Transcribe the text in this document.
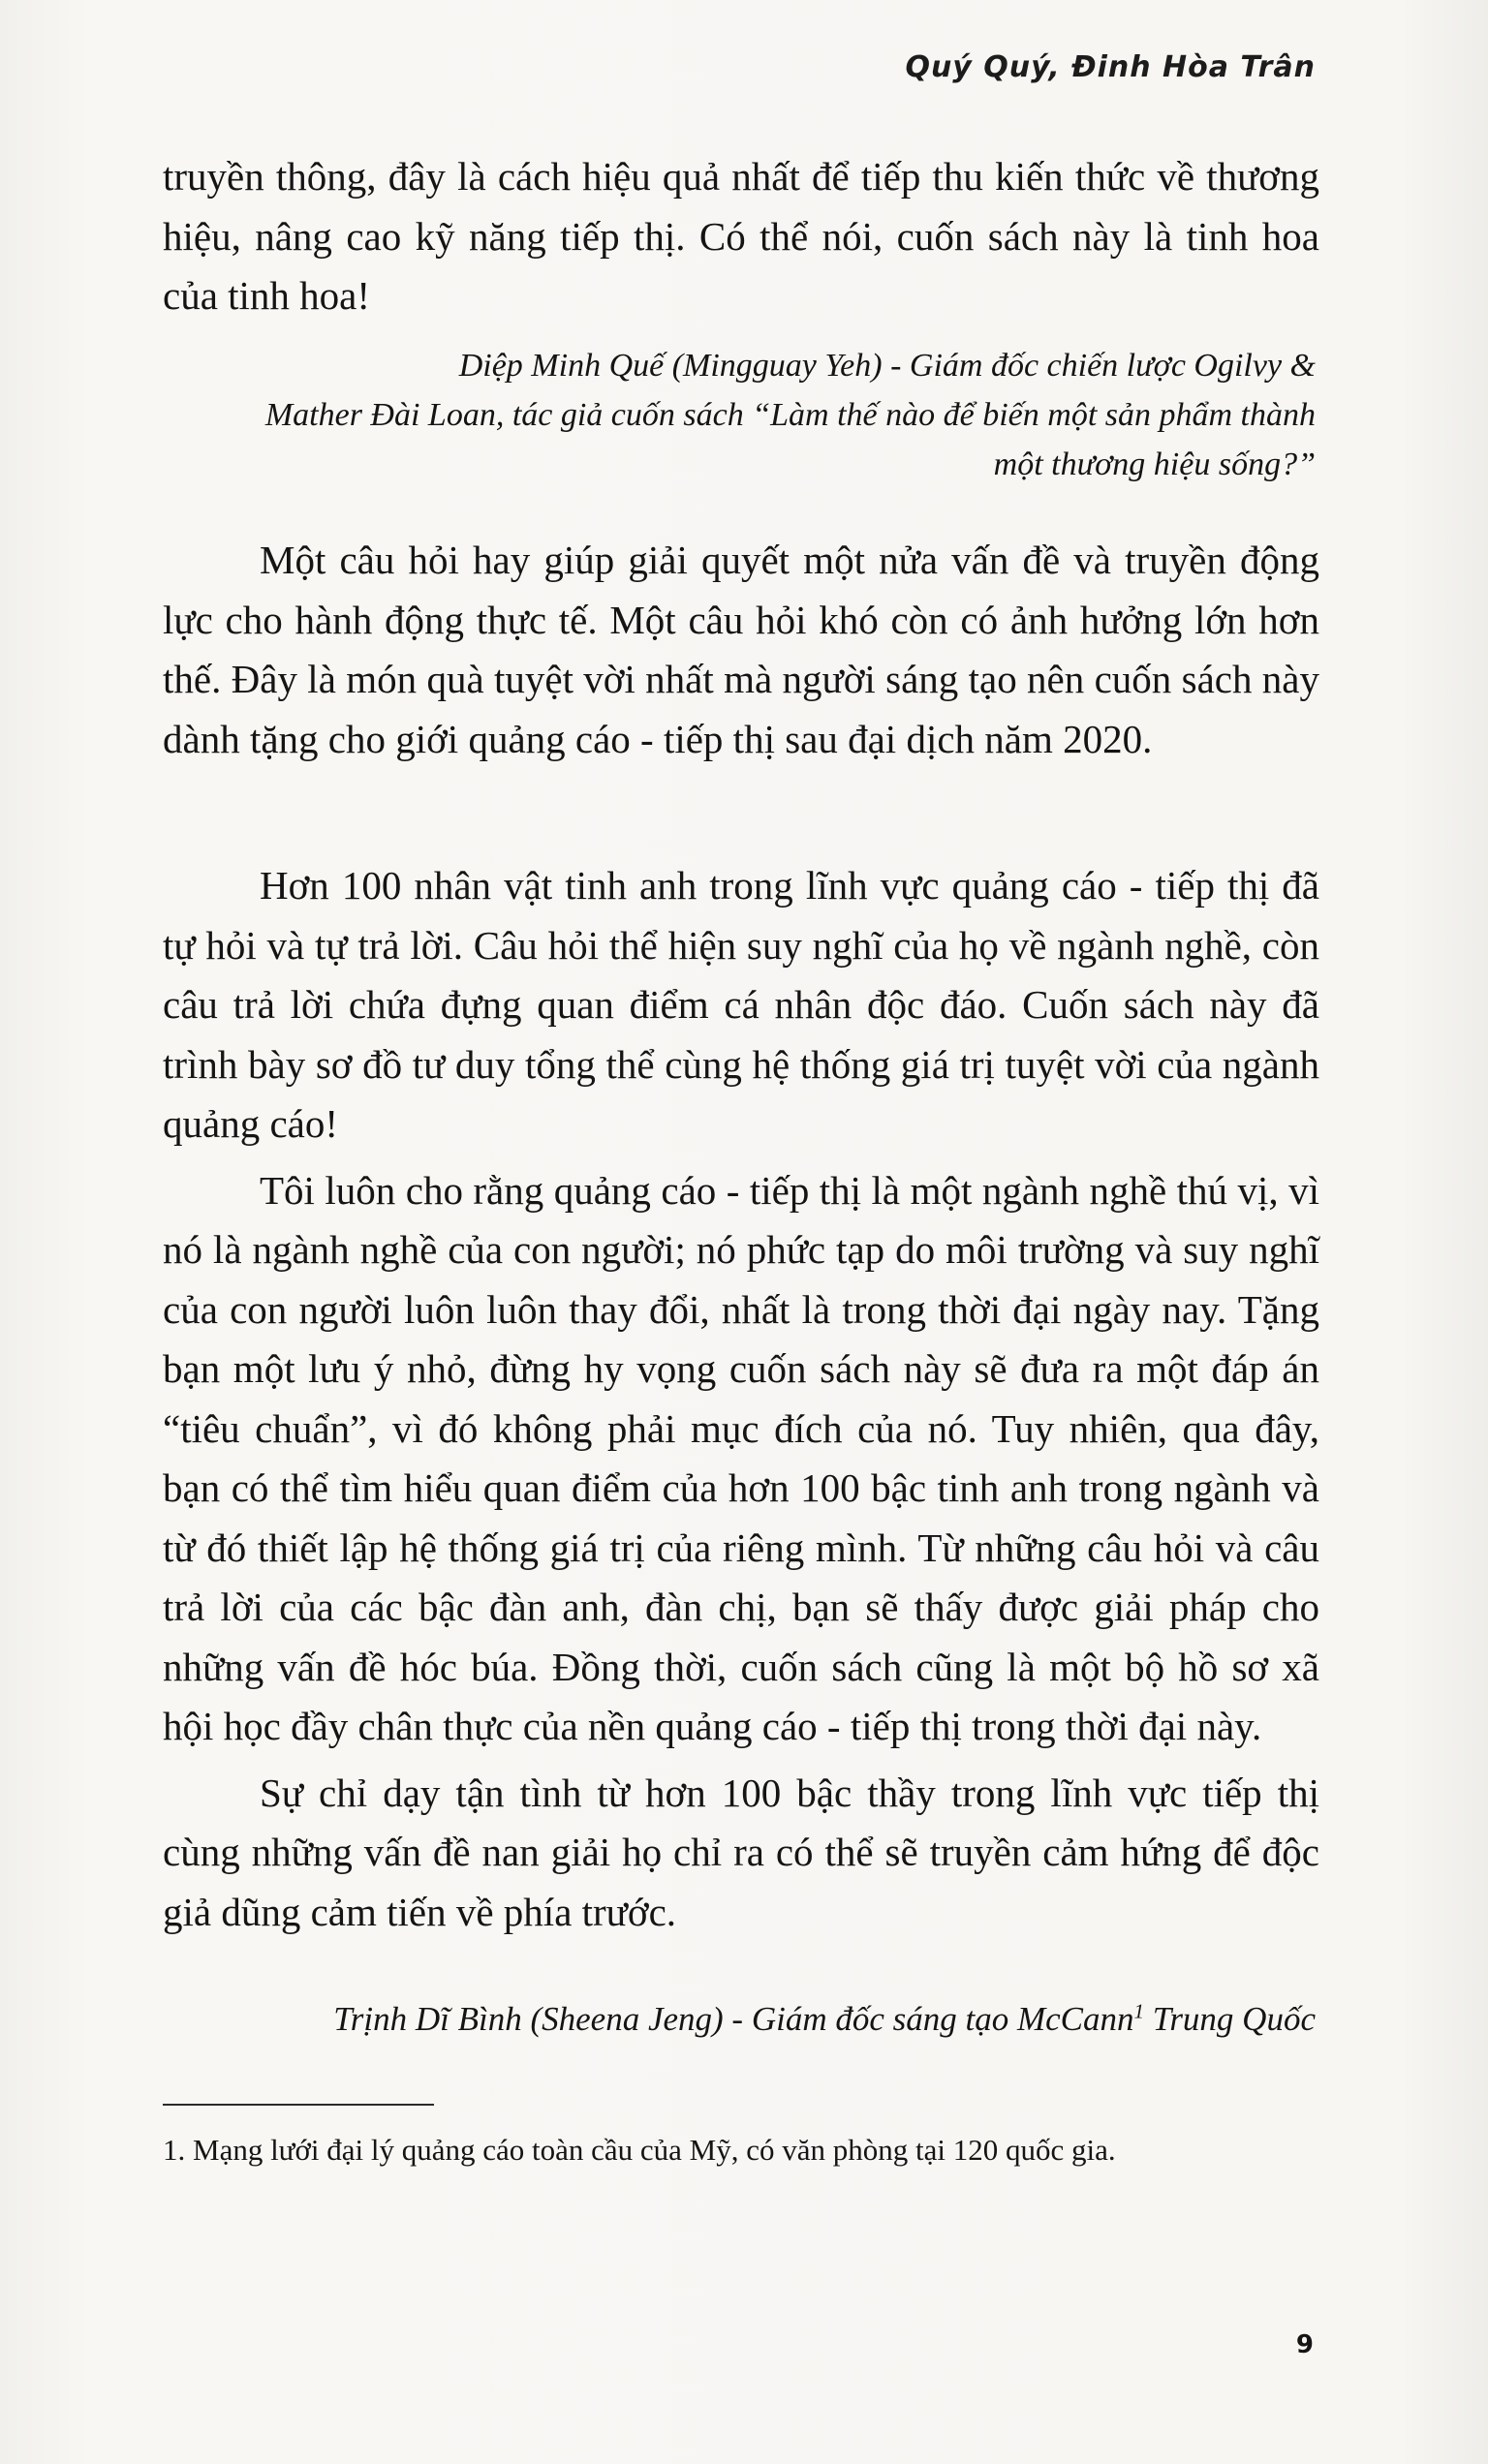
Quý Quý, Đinh Hòa Trân

truyền thông, đây là cách hiệu quả nhất để tiếp thu kiến thức về thương hiệu, nâng cao kỹ năng tiếp thị. Có thể nói, cuốn sách này là tinh hoa của tinh hoa!

Diệp Minh Quế (Mingguay Yeh) - Giám đốc chiến lược Ogilvy &
Mather Đài Loan, tác giả cuốn sách “Làm thế nào để biến một sản phẩm thành
một thương hiệu sống?”

Một câu hỏi hay giúp giải quyết một nửa vấn đề và truyền động lực cho hành động thực tế. Một câu hỏi khó còn có ảnh hưởng lớn hơn thế. Đây là món quà tuyệt vời nhất mà người sáng tạo nên cuốn sách này dành tặng cho giới quảng cáo - tiếp thị sau đại dịch năm 2020.

Hơn 100 nhân vật tinh anh trong lĩnh vực quảng cáo - tiếp thị đã tự hỏi và tự trả lời. Câu hỏi thể hiện suy nghĩ của họ về ngành nghề, còn câu trả lời chứa đựng quan điểm cá nhân độc đáo. Cuốn sách này đã trình bày sơ đồ tư duy tổng thể cùng hệ thống giá trị tuyệt vời của ngành quảng cáo!

Tôi luôn cho rằng quảng cáo - tiếp thị là một ngành nghề thú vị, vì nó là ngành nghề của con người; nó phức tạp do môi trường và suy nghĩ của con người luôn luôn thay đổi, nhất là trong thời đại ngày nay. Tặng bạn một lưu ý nhỏ, đừng hy vọng cuốn sách này sẽ đưa ra một đáp án “tiêu chuẩn”, vì đó không phải mục đích của nó. Tuy nhiên, qua đây, bạn có thể tìm hiểu quan điểm của hơn 100 bậc tinh anh trong ngành và từ đó thiết lập hệ thống giá trị của riêng mình. Từ những câu hỏi và câu trả lời của các bậc đàn anh, đàn chị, bạn sẽ thấy được giải pháp cho những vấn đề hóc búa. Đồng thời, cuốn sách cũng là một bộ hồ sơ xã hội học đầy chân thực của nền quảng cáo - tiếp thị trong thời đại này.

Sự chỉ dạy tận tình từ hơn 100 bậc thầy trong lĩnh vực tiếp thị cùng những vấn đề nan giải họ chỉ ra có thể sẽ truyền cảm hứng để độc giả dũng cảm tiến về phía trước.

Trịnh Dĩ Bình (Sheena Jeng) - Giám đốc sáng tạo McCann$^1$ Trung Quốc
1. Mạng lưới đại lý quảng cáo toàn cầu của Mỹ, có văn phòng tại 120 quốc gia.
9
